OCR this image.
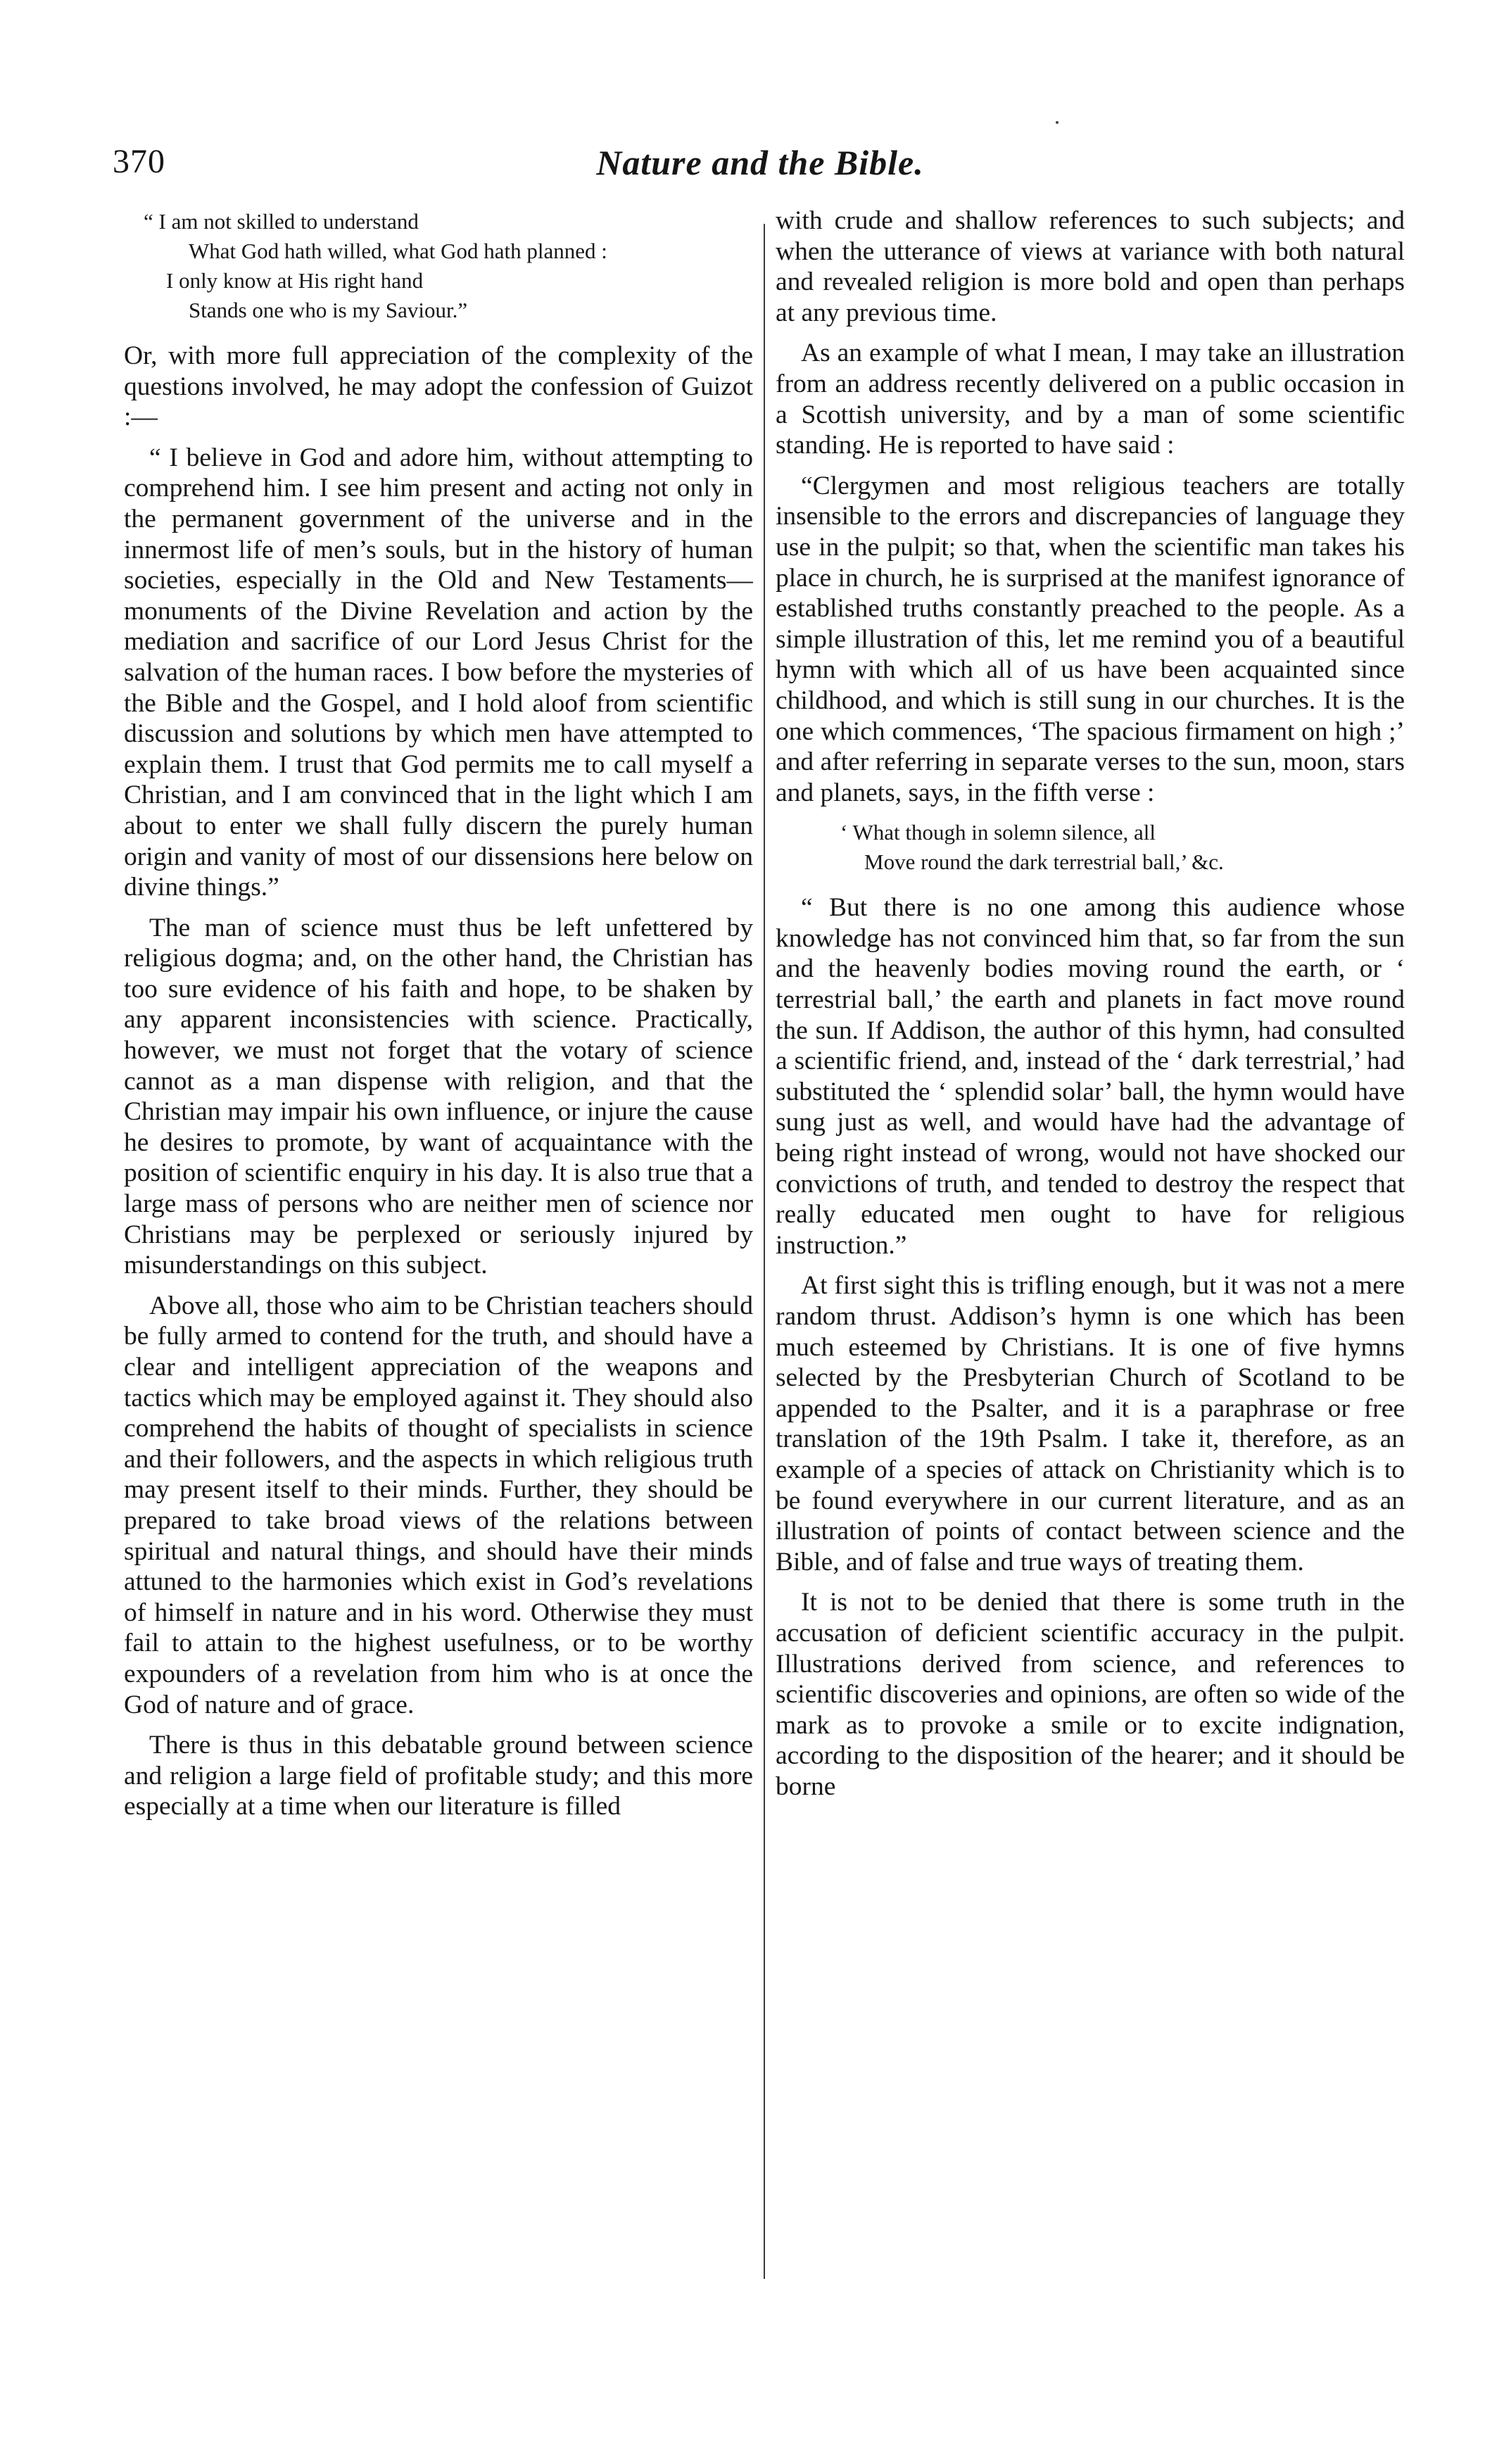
370	Nature and the Bible.
“ I am not skilled to understand
What God hath willed, what God hath planned :
I only know at His right hand
Stands one who is my Saviour.”

Or, with more full appreciation of the complexity of the questions involved, he may adopt the confession of Guizot :—

“ I believe in God and adore him, without attempting to comprehend him. I see him present and acting not only in the permanent government of the universe and in the innermost life of men’s souls, but in the history of human societies, especially in the Old and New Testaments—monuments of the Divine Revelation and action by the mediation and sacrifice of our Lord Jesus Christ for the salvation of the human races. I bow before the mysteries of the Bible and the Gospel, and I hold aloof from scientific discussion and solutions by which men have attempted to explain them. I trust that God permits me to call myself a Christian, and I am convinced that in the light which I am about to enter we shall fully discern the purely human origin and vanity of most of our dissensions here below on divine things.”

The man of science must thus be left unfettered by religious dogma; and, on the other hand, the Christian has too sure evidence of his faith and hope, to be shaken by any apparent inconsistencies with science. Practically, however, we must not forget that the votary of science cannot as a man dispense with religion, and that the Christian may impair his own influence, or injure the cause he desires to promote, by want of acquaintance with the position of scientific enquiry in his day. It is also true that a large mass of persons who are neither men of science nor Christians may be perplexed or seriously injured by misunderstandings on this subject.

Above all, those who aim to be Christian teachers should be fully armed to contend for the truth, and should have a clear and intelligent appreciation of the weapons and tactics which may be employed against it. They should also comprehend the habits of thought of specialists in science and their followers, and the aspects in which religious truth may present itself to their minds. Further, they should be prepared to take broad views of the relations between spiritual and natural things, and should have their minds attuned to the harmonies which exist in God’s revelations of himself in nature and in his word. Otherwise they must fail to attain to the highest usefulness, or to be worthy expounders of a revelation from him who is at once the God of nature and of grace.

There is thus in this debatable ground between science and religion a large field of profitable study; and this more especially at a time when our literature is filled

with crude and shallow references to such subjects; and when the utterance of views at variance with both natural and revealed religion is more bold and open than perhaps at any previous time.

As an example of what I mean, I may take an illustration from an address recently delivered on a public occasion in a Scottish university, and by a man of some scientific standing. He is reported to have said :

“Clergymen and most religious teachers are totally insensible to the errors and discrepancies of language they use in the pulpit; so that, when the scientific man takes his place in church, he is surprised at the manifest ignorance of established truths constantly preached to the people. As a simple illustration of this, let me remind you of a beautiful hymn with which all of us have been acquainted since childhood, and which is still sung in our churches. It is the one which commences, ‘The spacious firmament on high ;’ and after referring in separate verses to the sun, moon, stars and planets, says, in the fifth verse :

‘ What though in solemn silence, all
Move round the dark terrestrial ball,’ &c.

“ But there is no one among this audience whose knowledge has not convinced him that, so far from the sun and the heavenly bodies moving round the earth, or ‘ terrestrial ball,’ the earth and planets in fact move round the sun. If Addison, the author of this hymn, had consulted a scientific friend, and, instead of the ‘ dark terrestrial,’ had substituted the ‘ splendid solar’ ball, the hymn would have sung just as well, and would have had the advantage of being right instead of wrong, would not have shocked our convictions of truth, and tended to destroy the respect that really educated men ought to have for religious instruction.”

At first sight this is trifling enough, but it was not a mere random thrust. Addison’s hymn is one which has been much esteemed by Christians. It is one of five hymns selected by the Presbyterian Church of Scotland to be appended to the Psalter, and it is a paraphrase or free translation of the 19th Psalm. I take it, therefore, as an example of a species of attack on Christianity which is to be found everywhere in our current literature, and as an illustration of points of contact between science and the Bible, and of false and true ways of treating them.

It is not to be denied that there is some truth in the accusation of deficient scientific accuracy in the pulpit. Illustrations derived from science, and references to scientific discoveries and opinions, are often so wide of the mark as to provoke a smile or to excite indignation, according to the disposition of the hearer; and it should be borne
